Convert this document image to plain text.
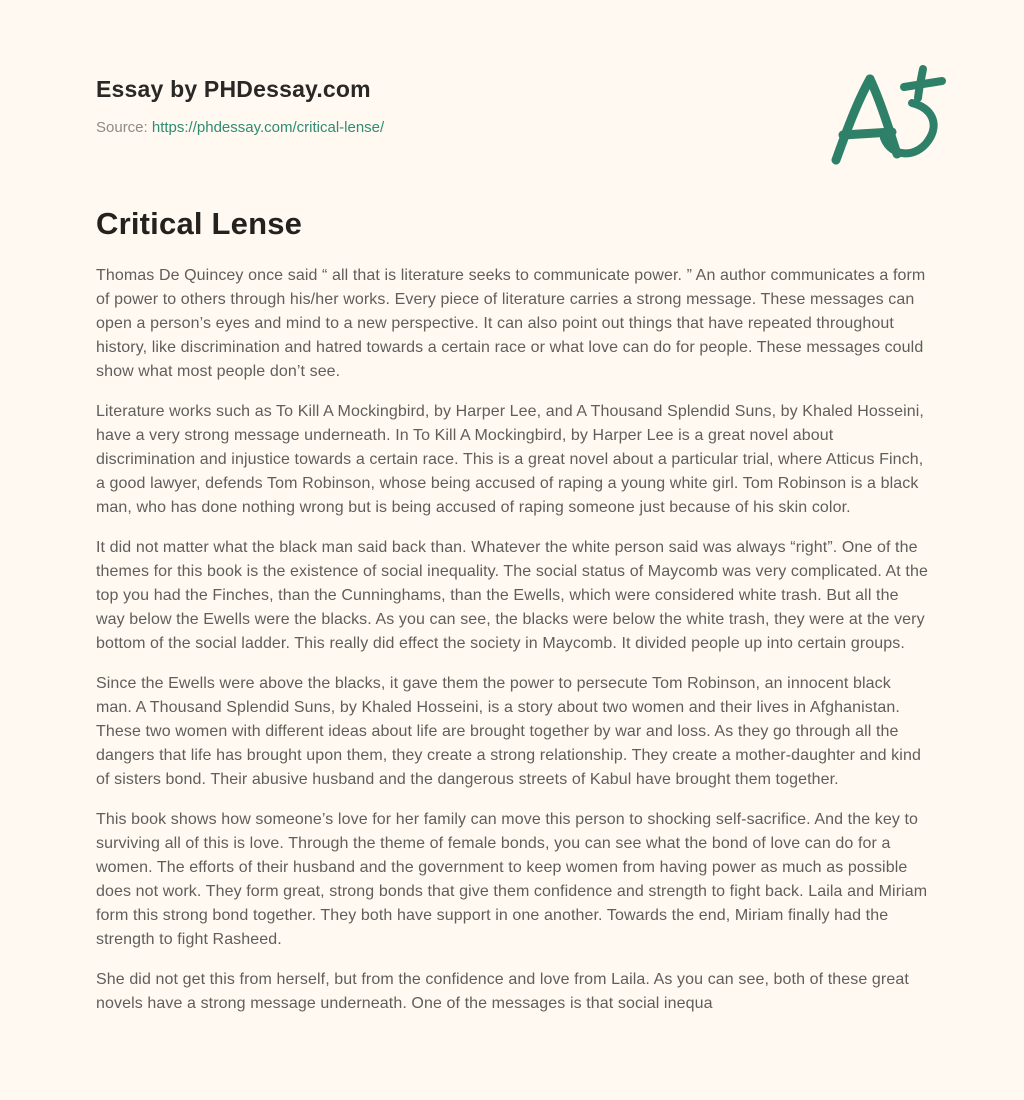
Essay by PHDessay.com
Source: https://phdessay.com/critical-lense/
Critical Lense

Thomas De Quincey once said “ all that is literature seeks to communicate power. ” An author communicates a form of power to others through his/her works. Every piece of literature carries a strong message. These messages can open a person’s eyes and mind to a new perspective. It can also point out things that have repeated throughout history, like discrimination and hatred towards a certain race or what love can do for people. These messages could show what most people don’t see.

Literature works such as To Kill A Mockingbird, by Harper Lee, and A Thousand Splendid Suns, by Khaled Hosseini, have a very strong message underneath. In To Kill A Mockingbird, by Harper Lee is a great novel about discrimination and injustice towards a certain race. This is a great novel about a particular trial, where Atticus Finch, a good lawyer, defends Tom Robinson, whose being accused of raping a young white girl. Tom Robinson is a black man, who has done nothing wrong but is being accused of raping someone just because of his skin color.

It did not matter what the black man said back than. Whatever the white person said was always “right”. One of the themes for this book is the existence of social inequality. The social status of Maycomb was very complicated. At the top you had the Finches, than the Cunninghams, than the Ewells, which were considered white trash. But all the way below the Ewells were the blacks. As you can see, the blacks were below the white trash, they were at the very bottom of the social ladder. This really did effect the society in Maycomb. It divided people up into certain groups.

Since the Ewells were above the blacks, it gave them the power to persecute Tom Robinson, an innocent black man. A Thousand Splendid Suns, by Khaled Hosseini, is a story about two women and their lives in Afghanistan. These two women with different ideas about life are brought together by war and loss. As they go through all the dangers that life has brought upon them, they create a strong relationship. They create a mother-daughter and kind of sisters bond. Their abusive husband and the dangerous streets of Kabul have brought them together.

This book shows how someone’s love for her family can move this person to shocking self-sacrifice. And the key to surviving all of this is love. Through the theme of female bonds, you can see what the bond of love can do for a women. The efforts of their husband and the government to keep women from having power as much as possible does not work. They form great, strong bonds that give them confidence and strength to fight back. Laila and Miriam form this strong bond together. They both have support in one another. Towards the end, Miriam finally had the strength to fight Rasheed.

She did not get this from herself, but from the confidence and love from Laila. As you can see, both of these great novels have a strong message underneath. One of the messages is that social inequa
